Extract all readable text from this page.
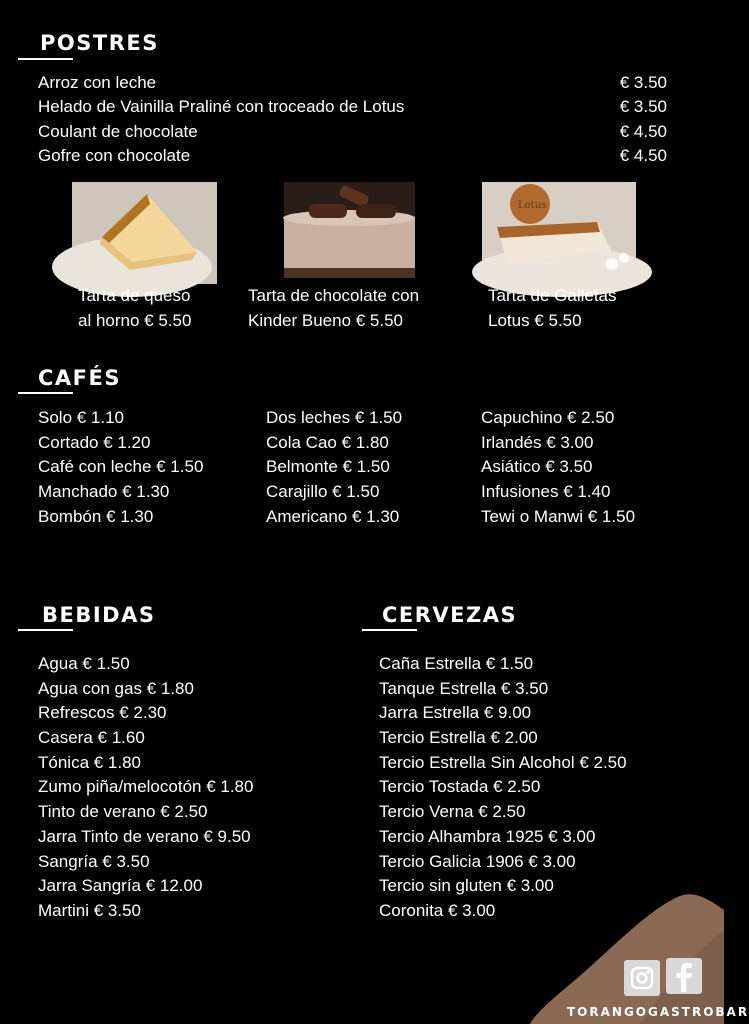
POSTRES
Arroz con leche	€ 3.50
Helado de Vainilla Praliné con troceado de Lotus	€ 3.50
Coulant de chocolate	€ 4.50
Gofre con chocolate	€ 4.50
Lotus
Tarta de queso
al horno € 5.50
Tarta de chocolate con
Kinder Bueno € 5.50
Tarta de Galletas
Lotus € 5.50
CAFÉS
Solo € 1.10
Cortado € 1.20
Café con leche € 1.50
Manchado € 1.30
Bombón € 1.30
Dos leches € 1.50
Cola Cao € 1.80
Belmonte € 1.50
Carajillo € 1.50
Americano € 1.30
Capuchino € 2.50
Irlandés € 3.00
Asiático € 3.50
Infusiones € 1.40
Tewi o Manwi € 1.50
BEBIDAS
Agua € 1.50
Agua con gas € 1.80
Refrescos € 2.30
Casera € 1.60
Tónica € 1.80
Zumo piña/melocotón € 1.80
Tinto de verano € 2.50
Jarra Tinto de verano € 9.50
Sangría € 3.50
Jarra Sangría € 12.00
Martini € 3.50
CERVEZAS
Caña Estrella € 1.50
Tanque Estrella € 3.50
Jarra Estrella € 9.00
Tercio Estrella € 2.00
Tercio Estrella Sin Alcohol € 2.50
Tercio Tostada € 2.50
Tercio Verna € 2.50
Tercio Alhambra 1925 € 3.00
Tercio Galicia 1906 € 3.00
Tercio sin gluten € 3.00
Coronita € 3.00
TORANGOGASTROBAR
